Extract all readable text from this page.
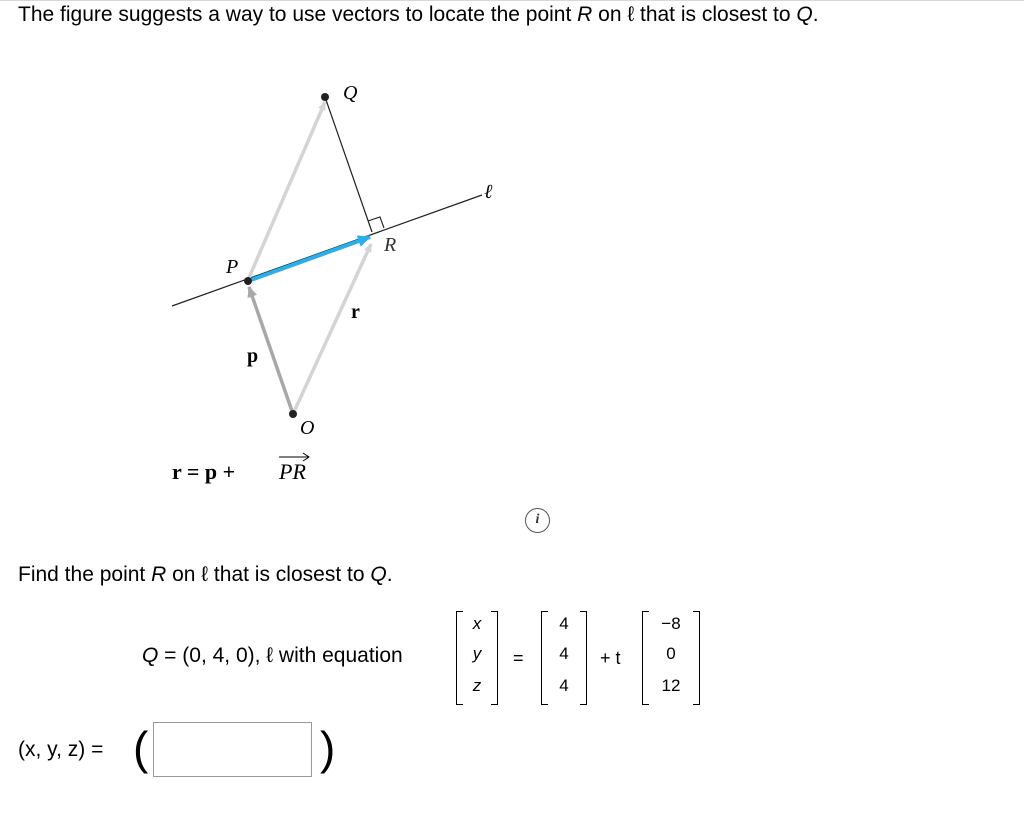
The figure suggests a way to use vectors to locate the point R on ℓ that is closest to Q.
Q
ℓ
R
P
r
p
O
r = p + PR
i
Find the point R on ℓ that is closest to Q.
Q = (0, 4, 0), ℓ with equation
x
y
z
=
4
4
4
+ t
−8
0
12
(x, y, z) = (	)
